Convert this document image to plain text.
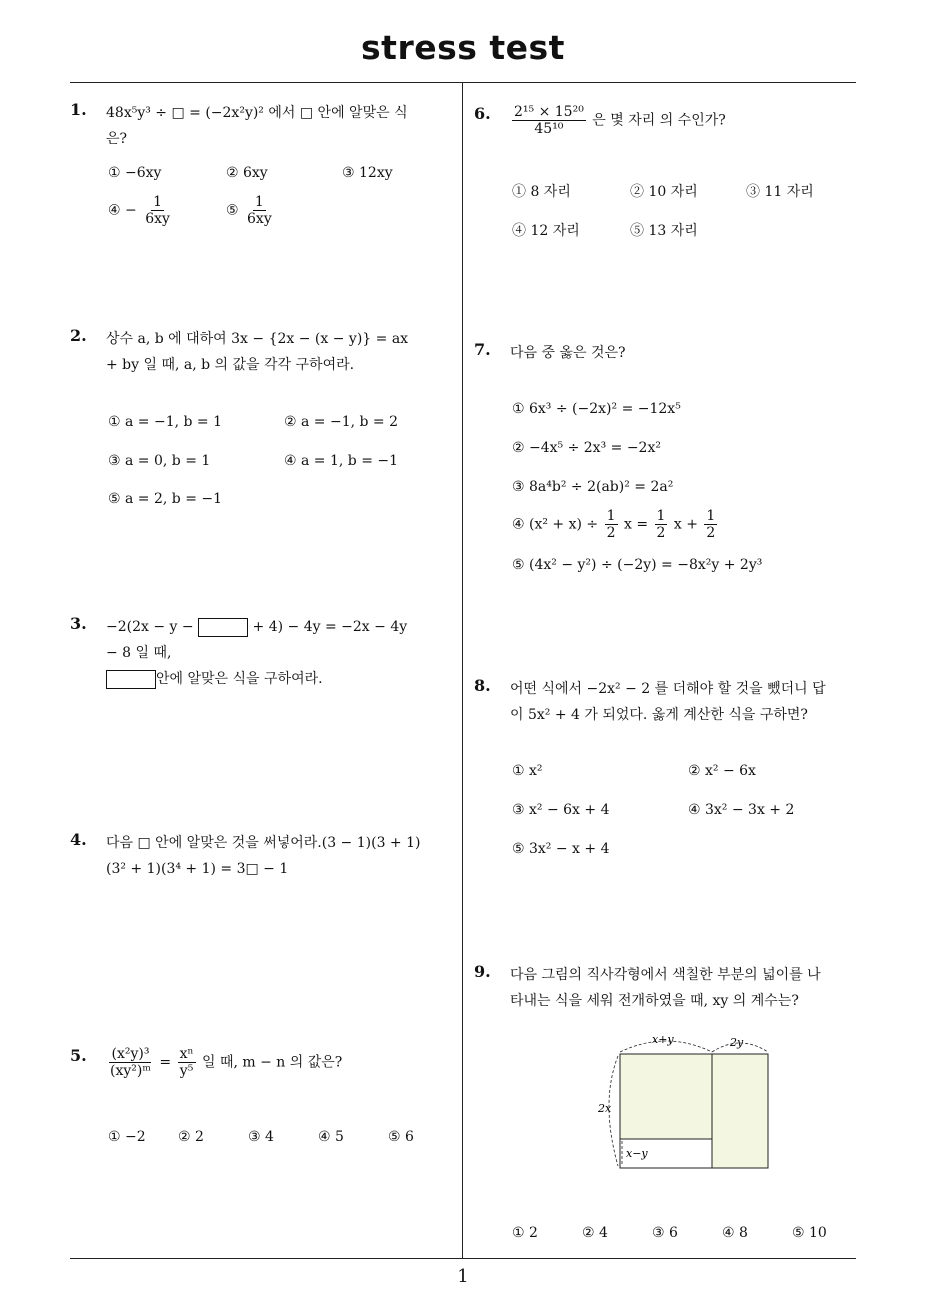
stress test
1
1. 48x⁵y³ ÷ □ = (−2x²y)² 에서 □ 안에 알맞은 식은?
① −6xy	② 6xy	③ 12xy
④ − $\frac{1}{6xy}$	⑤ $\frac{1}{6xy}$
2. 상수 a, b 에 대하여 3x − {2x − (x − y)} = ax + by 일 때, a, b 의 값을 각각 구하여라.
① a = −1, b = 1	② a = −1, b = 2
③ a = 0, b = 1	④ a = 1, b = −1
⑤ a = 2, b = −1
3. −2(2x − y −	+ 4) − 4y = −2x − 4y − 8 일 때,
안에 알맞은 식을 구하여라.
4. 다음 □ 안에 알맞은 것을 써넣어라.(3 − 1)(3 + 1)(3² + 1)(3⁴ + 1) = 3□ − 1
5. $\frac{\text{(x²y)³}}{\text{(xy²)ᵐ}} = \frac{\text{xⁿ}}{\text{y⁵}}$ 일 때, m − n 의 값은?
① −2 ② 2	③ 4	④ 5	⑤ 6
6. $\frac{\text{2¹⁵ × 15²⁰}}{\text{45¹⁰}}$ 은 몇 자리 의 수인가?
① 8 자리	② 10 자리	③ 11 자리
④ 12 자리	⑤ 13 자리
7. 다음 중 옳은 것은?
① 6x³ ÷ (−2x)² = −12x⁵
② −4x⁵ ÷ 2x³ = −2x²
③ 8a⁴b² ÷ 2(ab)² = 2a²
④ $(x^2 + x) \div \frac{1}{2}$ $x = \frac{1}{2}$ $x + \frac{1}{2}$
⑤ (4x² − y²) ÷ (−2y) = −8x²y + 2y³
8. 어떤 식에서 −2x² − 2 를 더해야 할 것을 뺐더니 답이 5x² + 4 가 되었다. 옳게 계산한 식을 구하면?
① x²	② x² − 6x
③ x² − 6x + 4	④ 3x² − 3x + 2
⑤ 3x² − x + 4
9. 다음 그림의 직사각형에서 색칠한 부분의 넓이를 나타내는 식을 세워 전개하였을 때, xy 의 계수는?
x+y	2y
2x
x−y
① 2	② 4	③ 6	④ 8	⑤ 10
